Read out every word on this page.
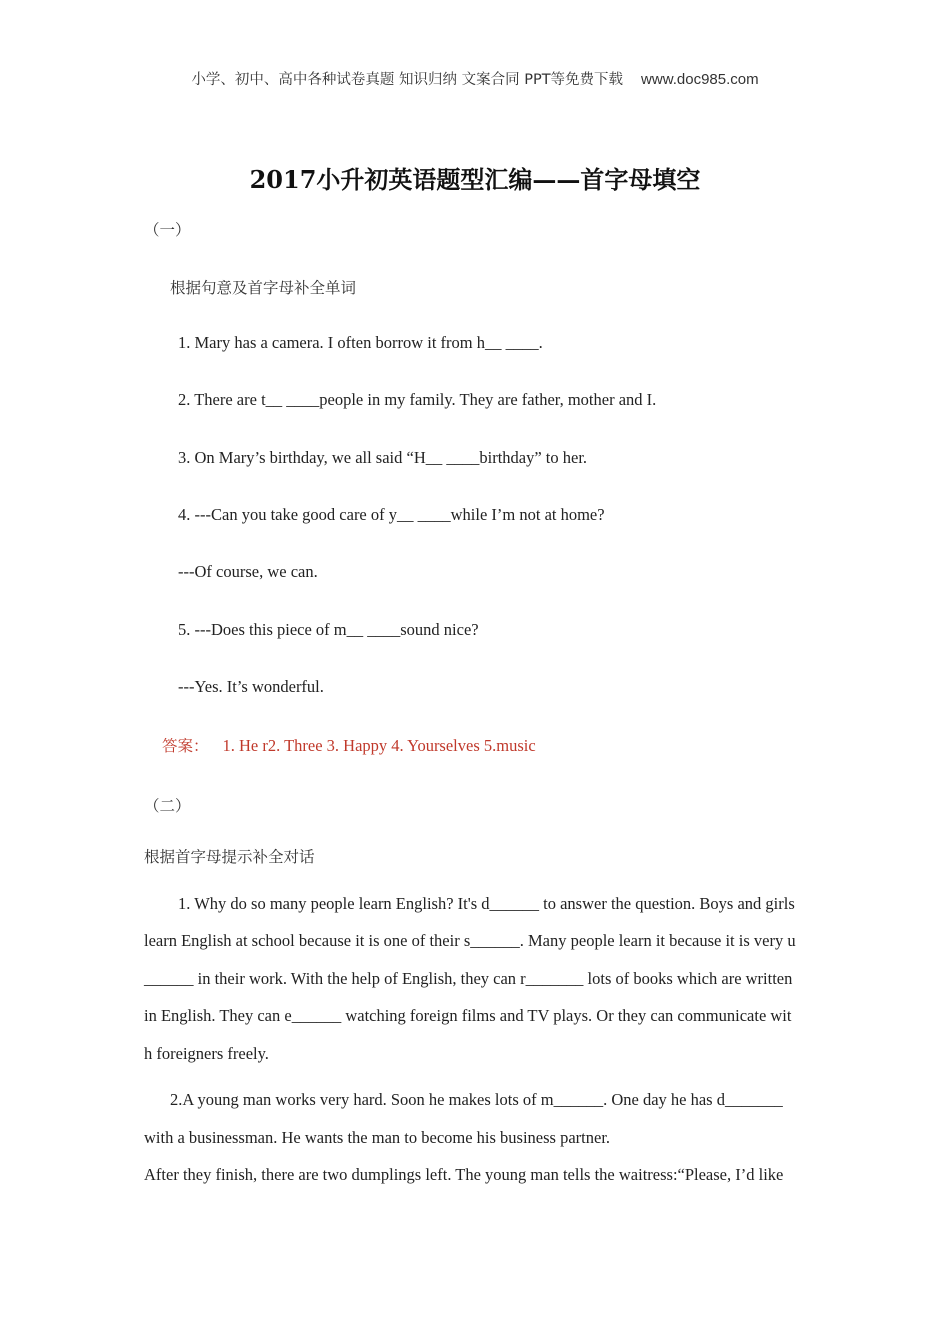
小学、初中、高中各种试卷真题 知识归纳 文案合同 PPT等免费下载 www.doc985.com
2017小升初英语题型汇编——首字母填空
（一）
根据句意及首字母补全单词
1. Mary has a camera. I often borrow it from h__ ____.
2. There are t__ ____people in my family. They are father, mother and I.
3. On Mary’s birthday, we all said “H__ ____birthday” to her.
4. ---Can you take good care of y__ ____while I’m not at home?
---Of course, we can.
5. ---Does this piece of m__ ____sound nice?
---Yes. It’s wonderful.
答案： 1. He r2. Three 3. Happy 4. Yourselves 5.music
（二）
根据首字母提示补全对话
1. Why do so many people learn English? It's d______ to answer the question. Boys and girls
learn English at school because it is one of their s______. Many people learn it because it is very u
______ in their work. With the help of English, they can r_______ lots of books which are written
in English. They can e______ watching foreign films and TV plays. Or they can communicate wit
h foreigners freely.
2.A young man works very hard. Soon he makes lots of m______. One day he has d_______
with a businessman. He wants the man to become his business partner.
After they finish, there are two dumplings left. The young man tells the waitress:“Please, I’d like
